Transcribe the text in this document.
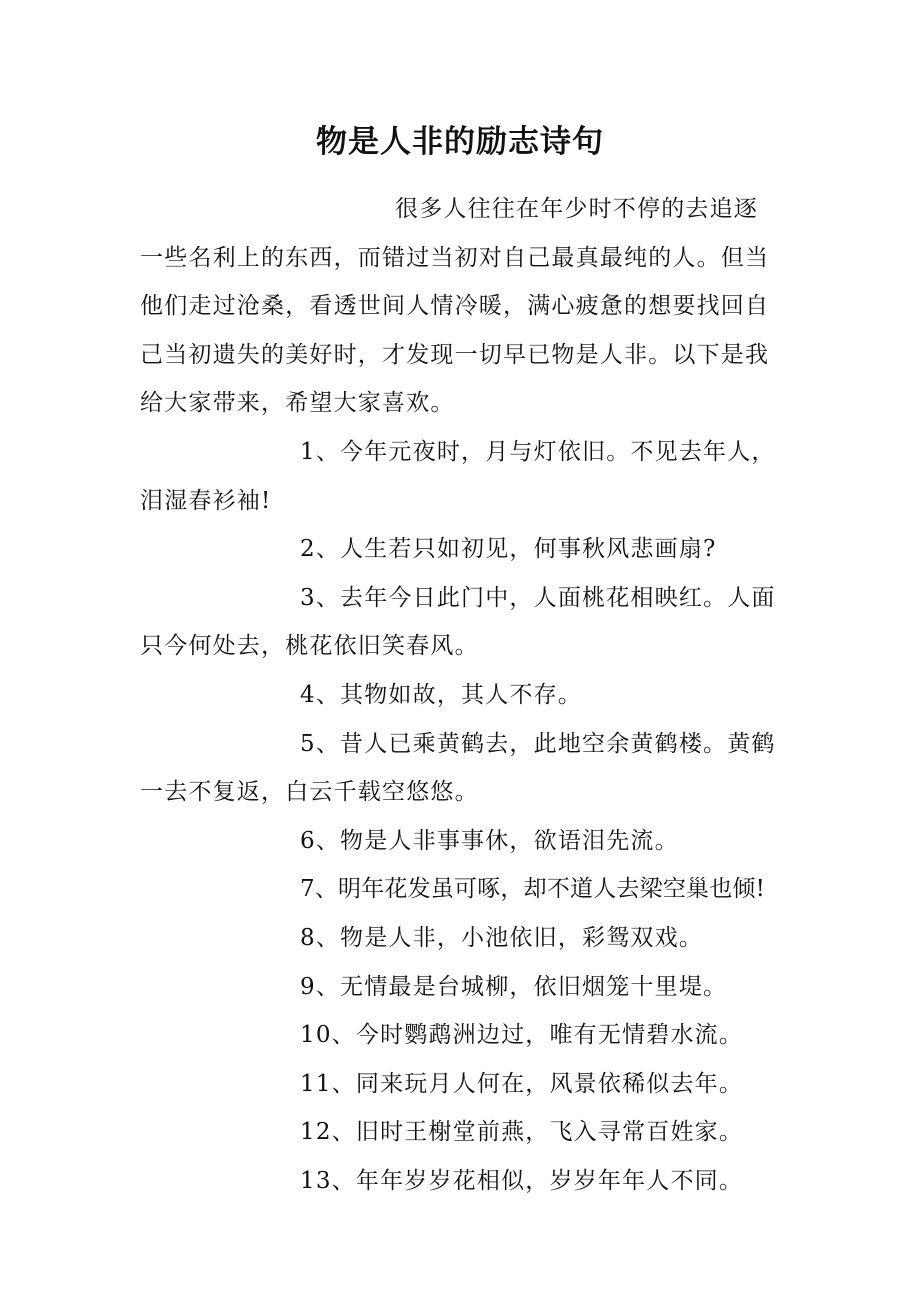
物是人非的励志诗句

很多人往往在年少时不停的去追逐一些名利上的东西，而错过当初对自己最真最纯的人。但当他们走过沧桑，看透世间人情冷暖，满心疲惫的想要找回自己当初遗失的美好时，才发现一切早已物是人非。以下是我给大家带来，希望大家喜欢。

1、今年元夜时，月与灯依旧。不见去年人，泪湿春衫袖!

2、人生若只如初见，何事秋风悲画扇?

3、去年今日此门中，人面桃花相映红。人面只今何处去，桃花依旧笑春风。

4、其物如故，其人不存。

5、昔人已乘黄鹤去，此地空余黄鹤楼。黄鹤一去不复返，白云千载空悠悠。

6、物是人非事事休，欲语泪先流。

7、明年花发虽可啄，却不道人去梁空巢也倾!

8、物是人非，小池依旧，彩鸳双戏。

9、无情最是台城柳，依旧烟笼十里堤。

10、今时鹦鹉洲边过，唯有无情碧水流。

11、同来玩月人何在，风景依稀似去年。

12、旧时王榭堂前燕，飞入寻常百姓家。

13、年年岁岁花相似，岁岁年年人不同。
